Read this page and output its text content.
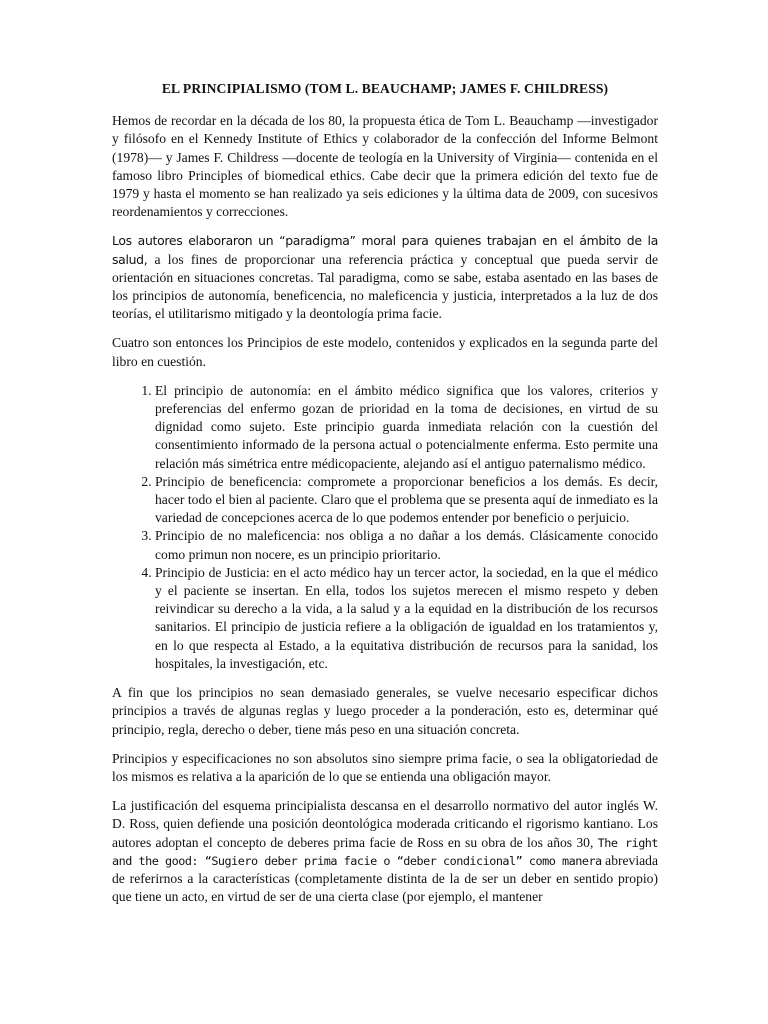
EL PRINCIPIALISMO (TOM L. BEAUCHAMP; JAMES F. CHILDRESS)

Hemos de recordar en la década de los 80, la propuesta ética de Tom L. Beauchamp —investigador y filósofo en el Kennedy Institute of Ethics y colaborador de la confección del Informe Belmont (1978)— y James F. Childress —docente de teología en la University of Virginia— contenida en el famoso libro Principles of biomedical ethics. Cabe decir que la primera edición del texto fue de 1979 y hasta el momento se han realizado ya seis ediciones y la última data de 2009, con sucesivos reordenamientos y correcciones.

Los autores elaboraron un “paradigma” moral para quienes trabajan en el ámbito de la salud, a los fines de proporcionar una referencia práctica y conceptual que pueda servir de orientación en situaciones concretas. Tal paradigma, como se sabe, estaba asentado en las bases de los principios de autonomía, beneficencia, no maleficencia y justicia, interpretados a la luz de dos teorías, el utilitarismo mitigado y la deontología prima facie.

Cuatro son entonces los Principios de este modelo, contenidos y explicados en la segunda parte del libro en cuestión.

1. El principio de autonomía: en el ámbito médico significa que los valores, criterios y preferencias del enfermo gozan de prioridad en la toma de decisiones, en virtud de su dignidad como sujeto. Este principio guarda inmediata relación con la cuestión del consentimiento informado de la persona actual o potencialmente enferma. Esto permite una relación más simétrica entre médicopaciente, alejando así el antiguo paternalismo médico.
2. Principio de beneficencia: compromete a proporcionar beneficios a los demás. Es decir, hacer todo el bien al paciente. Claro que el problema que se presenta aquí de inmediato es la variedad de concepciones acerca de lo que podemos entender por beneficio o perjuicio.
3. Principio de no maleficencia: nos obliga a no dañar a los demás. Clásicamente conocido como primun non nocere, es un principio prioritario.
4. Principio de Justicia: en el acto médico hay un tercer actor, la sociedad, en la que el médico y el paciente se insertan. En ella, todos los sujetos merecen el mismo respeto y deben reivindicar su derecho a la vida, a la salud y a la equidad en la distribución de los recursos sanitarios. El principio de justicia refiere a la obligación de igualdad en los tratamientos y, en lo que respecta al Estado, a la equitativa distribución de recursos para la sanidad, los hospitales, la investigación, etc.

A fin que los principios no sean demasiado generales, se vuelve necesario especificar dichos principios a través de algunas reglas y luego proceder a la ponderación, esto es, determinar qué principio, regla, derecho o deber, tiene más peso en una situación concreta.

Principios y especificaciones no son absolutos sino siempre prima facie, o sea la obligatoriedad de los mismos es relativa a la aparición de lo que se entienda una obligación mayor.

La justificación del esquema principialista descansa en el desarrollo normativo del autor inglés W. D. Ross, quien defiende una posición deontológica moderada criticando el rigorismo kantiano. Los autores adoptan el concepto de deberes prima facie de Ross en su obra de los años 30, The right and the good: “Sugiero deber prima facie o “deber condicional” como manera abreviada de referirnos a la características (completamente distinta de la de ser un deber en sentido propio) que tiene un acto, en virtud de ser de una cierta clase (por ejemplo, el mantener
